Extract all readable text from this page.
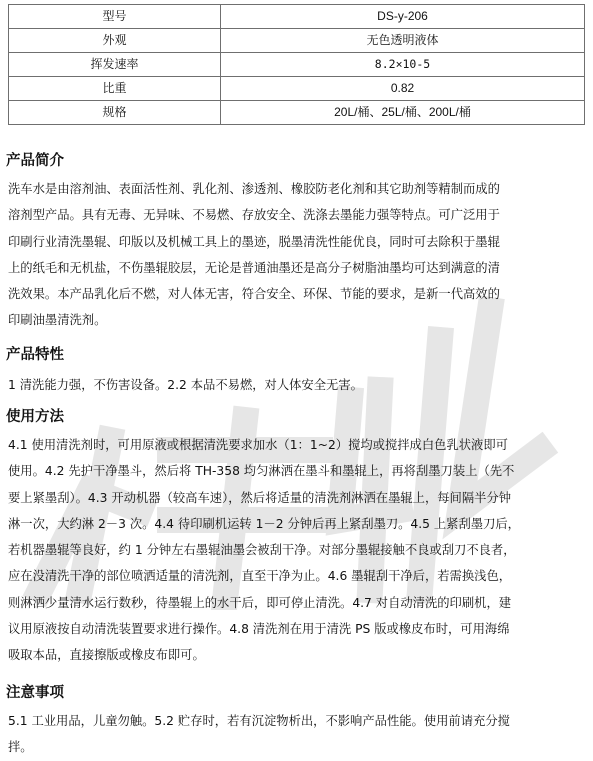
型号	DS-y-206
外观	无色透明液体
挥发速率	8.2×10-5
比重	0.82
规格	20L/桶、25L/桶、200L/桶
产品简介
洗车水是由溶剂油、表面活性剂、乳化剂、渗透剂、橡胶防老化剂和其它助剂等精制而成的
溶剂型产品。具有无毒、无异味、不易燃、存放安全、洗涤去墨能力强等特点。可广泛用于
印刷行业清洗墨辊、印版以及机械工具上的墨迹，脱墨清洗性能优良，同时可去除积于墨辊
上的纸毛和无机盐，不伤墨辊胶层，无论是普通油墨还是高分子树脂油墨均可达到满意的清
洗效果。本产品乳化后不燃，对人体无害，符合安全、环保、节能的要求，是新一代高效的
印刷油墨清洗剂。
产品特性
1 清洗能力强，不伤害设备。2.2 本品不易燃，对人体安全无害。
使用方法
4.1 使用清洗剂时，可用原液或根据清洗要求加水（1：1~2）搅均或搅拌成白色乳状液即可
使用。4.2 先护干净墨斗，然后将 TH-358 均匀淋洒在墨斗和墨辊上，再将刮墨刀装上（先不
要上紧墨刮）。4.3 开动机器（较高车速），然后将适量的清洗剂淋洒在墨辊上，每间隔半分钟
淋一次，大约淋 2－3 次。4.4 待印刷机运转 1－2 分钟后再上紧刮墨刀。4.5 上紧刮墨刀后，
若机器墨辊等良好，约 1 分钟左右墨辊油墨会被刮干净。对部分墨辊接触不良或刮刀不良者，
应在没清洗干净的部位喷洒适量的清洗剂，直至干净为止。4.6 墨辊刮干净后，若需换浅色，
则淋洒少量清水运行数秒，待墨辊上的水干后，即可停止清洗。4.7 对自动清洗的印刷机，建
议用原液按自动清洗装置要求进行操作。4.8 清洗剂在用于清洗 PS 版或橡皮布时，可用海绵
吸取本品，直接擦版或橡皮布即可。
注意事项
5.1 工业用品，儿童勿触。5.2 贮存时，若有沉淀物析出，不影响产品性能。使用前请充分搅
拌。
